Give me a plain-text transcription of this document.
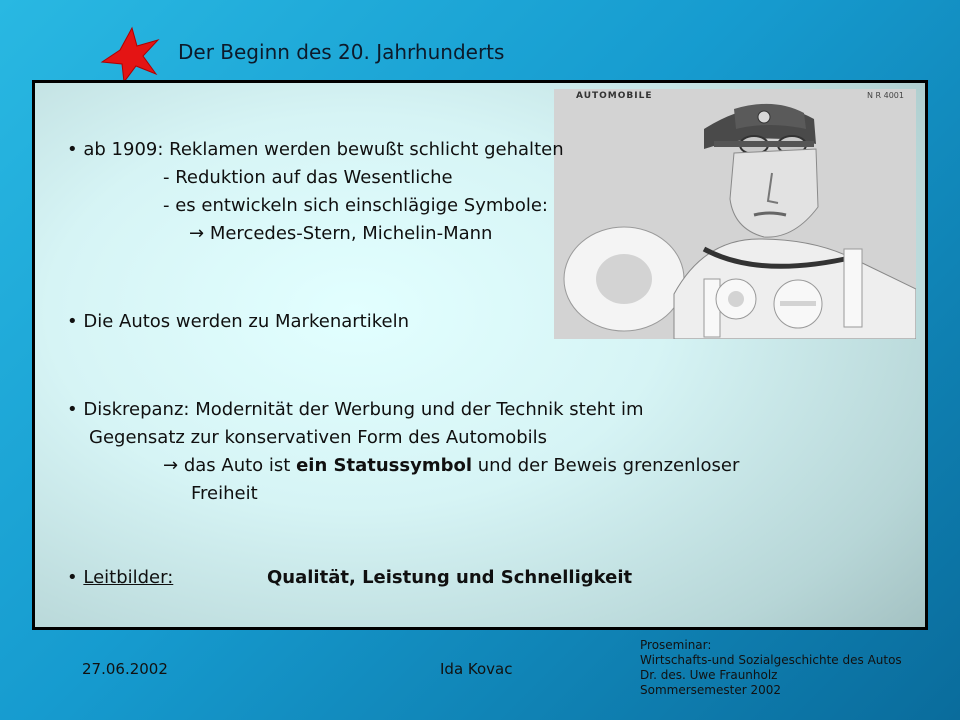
Der Beginn des 20. Jahrhunderts
AUTOMOBILE	N R 4001
• ab 1909: Reklamen werden bewußt schlicht gehalten
- Reduktion auf das Wesentliche
- es entwickeln sich einschlägige Symbole:
→ Mercedes-Stern, Michelin-Mann
• Die Autos werden zu Markenartikeln
• Diskrepanz: Modernität der Werbung und der Technik steht im
Gegensatz zur konservativen Form des Automobils
→ das Auto ist ein Statussymbol und der Beweis grenzenloser
Freiheit
• Leitbilder:	Qualität, Leistung und Schnelligkeit
27.06.2002	Ida Kovac
Proseminar:
Wirtschafts-und Sozialgeschichte des Autos
Dr. des. Uwe Fraunholz
Sommersemester 2002
